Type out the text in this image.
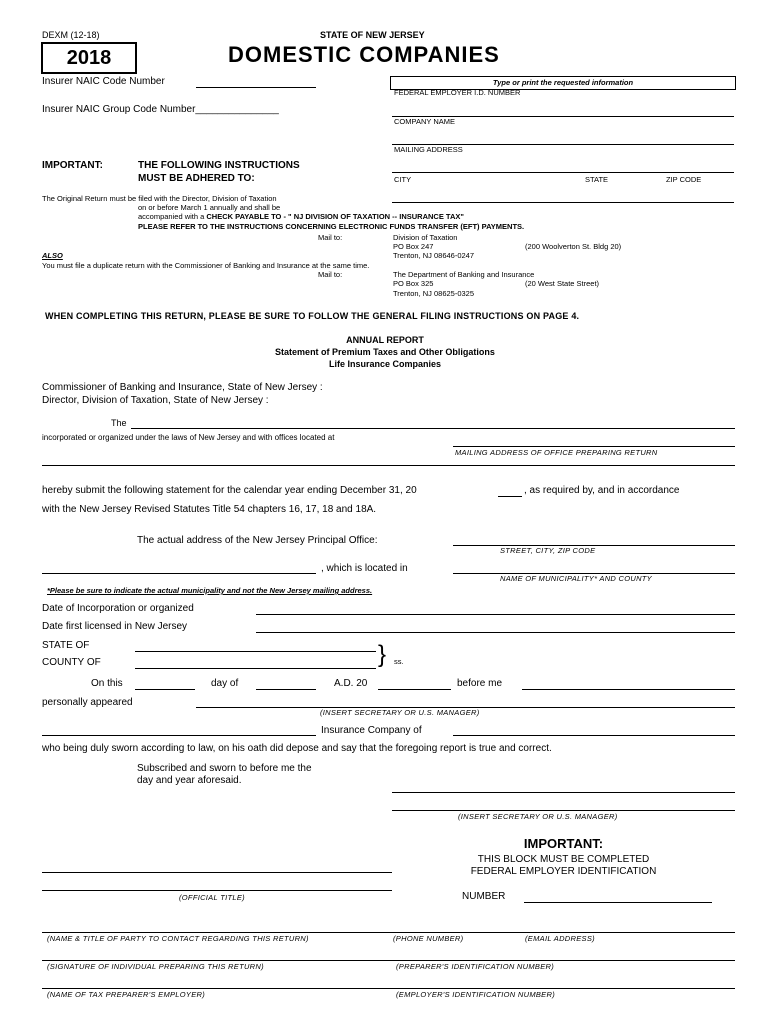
DEXM (12-18)	STATE OF NEW JERSEY
2018	DOMESTIC COMPANIES
Type or print the requested information
Insurer NAIC Code Number
Insurer NAIC Group Code Number_______________
FEDERAL EMPLOYER I.D. NUMBER
COMPANY NAME
MAILING ADDRESS
CITY	STATE	ZIP CODE
IMPORTANT:	THE FOLLOWING INSTRUCTIONS
MUST BE ADHERED TO:
The Original Return must be filed with the Director, Division of Taxation
on or before March 1 annually and shall be
accompanied with a CHECK PAYABLE TO - " NJ DIVISION OF TAXATION -- INSURANCE TAX"
PLEASE REFER TO THE INSTRUCTIONS CONCERNING ELECTRONIC FUNDS TRANSFER (EFT) PAYMENTS.
Mail to:	Division of Taxation
PO Box 247	(200 Woolverton St. Bldg 20)
ALSO	Trenton, NJ 08646-0247
You must file a duplicate return with the Commissioner of Banking and Insurance at the same time.
Mail to:	The Department of Banking and Insurance
PO Box 325	(20 West State Street)
Trenton, NJ 08625-0325
WHEN COMPLETING THIS RETURN, PLEASE BE SURE TO FOLLOW THE GENERAL FILING INSTRUCTIONS ON PAGE 4.
ANNUAL REPORT
Statement of Premium Taxes and Other Obligations
Life Insurance Companies
Commissioner of Banking and Insurance, State of New Jersey :
Director, Division of Taxation, State of New Jersey :
The
incorporated or organized under the laws of New Jersey and with offices located at
MAILING ADDRESS OF OFFICE PREPARING RETURN
hereby submit the following statement for the calendar year ending December 31, 20	, as required by, and in accordance
with the New Jersey Revised Statutes Title 54 chapters 16, 17, 18 and 18A.
The actual address of the New Jersey Principal Office:
STREET, CITY, ZIP CODE
, which is located in
NAME OF MUNICIPALITY* AND COUNTY
*Please be sure to indicate the actual municipality and not the New Jersey mailing address.
Date of Incorporation or organized
Date first licensed in New Jersey
STATE OF
COUNTY OF	} ss.
On this	day of	A.D. 20	before me
personally appeared
(INSERT SECRETARY OR U.S. MANAGER)
Insurance Company of
who being duly sworn according to law, on his oath did depose and say that the foregoing report is true and correct.
Subscribed and sworn to before me the
day and year aforesaid.
(INSERT SECRETARY OR U.S. MANAGER)
IMPORTANT:
THIS BLOCK MUST BE COMPLETED
FEDERAL EMPLOYER IDENTIFICATION
NUMBER
(OFFICIAL TITLE)
(NAME & TITLE OF PARTY TO CONTACT REGARDING THIS RETURN)	(PHONE NUMBER)	(EMAIL ADDRESS)
(SIGNATURE OF INDIVIDUAL PREPARING THIS RETURN)	(PREPARER'S IDENTIFICATION NUMBER)
(NAME OF TAX PREPARER'S EMPLOYER)	(EMPLOYER'S IDENTIFICATION NUMBER)
